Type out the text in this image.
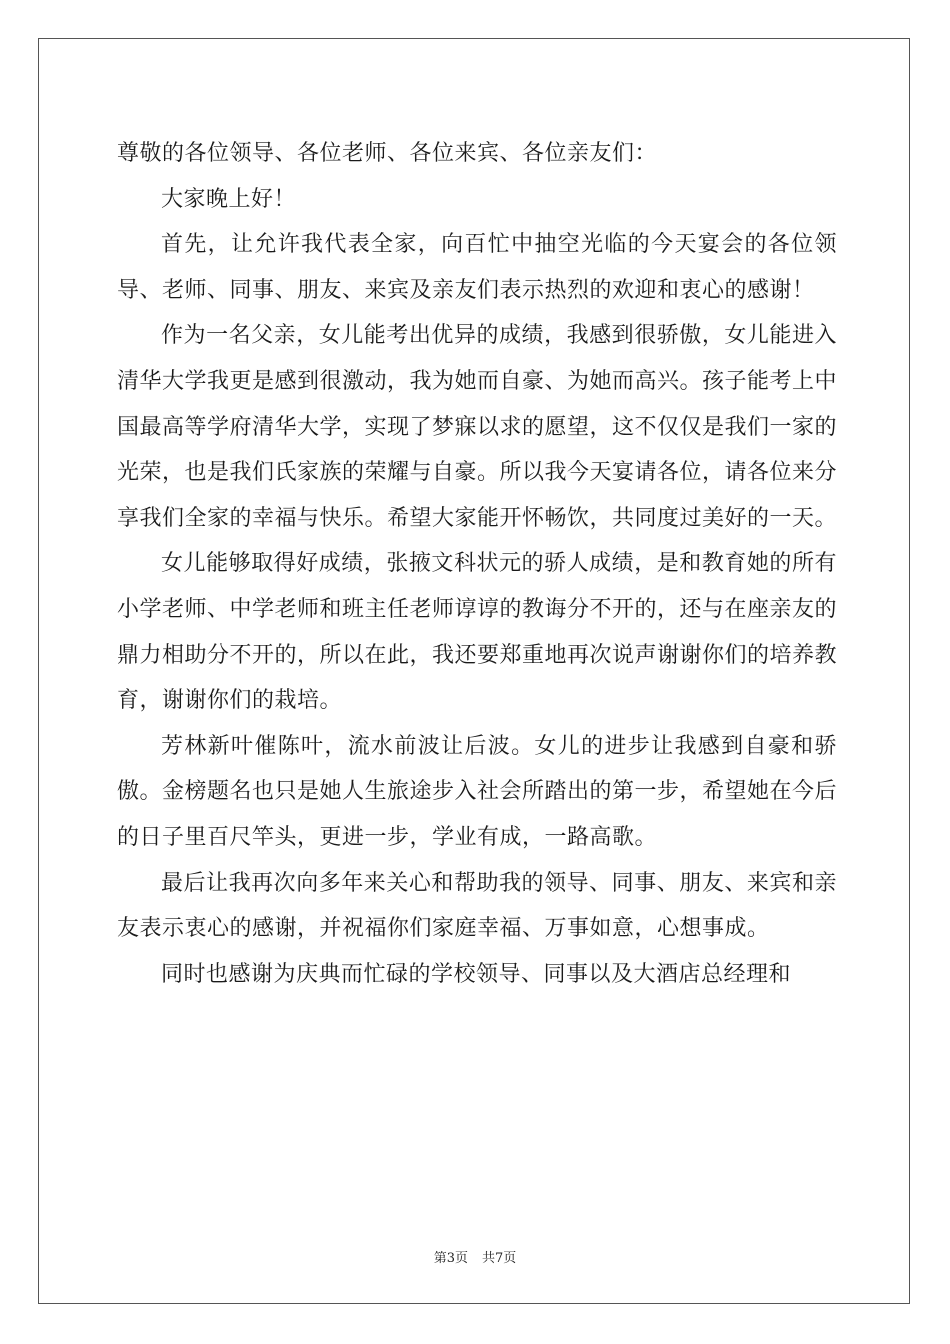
尊敬的各位领导、各位老师、各位来宾、各位亲友们：

大家晚上好！

首先，让允许我代表全家，向百忙中抽空光临的今天宴会的各位领导、老师、同事、朋友、来宾及亲友们表示热烈的欢迎和衷心的感谢！

作为一名父亲，女儿能考出优异的成绩，我感到很骄傲，女儿能进入清华大学我更是感到很激动，我为她而自豪、为她而高兴。孩子能考上中国最高等学府清华大学，实现了梦寐以求的愿望，这不仅仅是我们一家的光荣，也是我们氏家族的荣耀与自豪。所以我今天宴请各位，请各位来分享我们全家的幸福与快乐。希望大家能开怀畅饮，共同度过美好的一天。

女儿能够取得好成绩，张掖文科状元的骄人成绩，是和教育她的所有小学老师、中学老师和班主任老师谆谆的教诲分不开的，还与在座亲友的鼎力相助分不开的，所以在此，我还要郑重地再次说声谢谢你们的培养教育，谢谢你们的栽培。

芳林新叶催陈叶，流水前波让后波。女儿的进步让我感到自豪和骄傲。金榜题名也只是她人生旅途步入社会所踏出的第一步，希望她在今后的日子里百尺竿头，更进一步，学业有成，一路高歌。

最后让我再次向多年来关心和帮助我的领导、同事、朋友、来宾和亲友表示衷心的感谢，并祝福你们家庭幸福、万事如意，心想事成。

同时也感谢为庆典而忙碌的学校领导、同事以及大酒店总经理和

第3页 共7页
